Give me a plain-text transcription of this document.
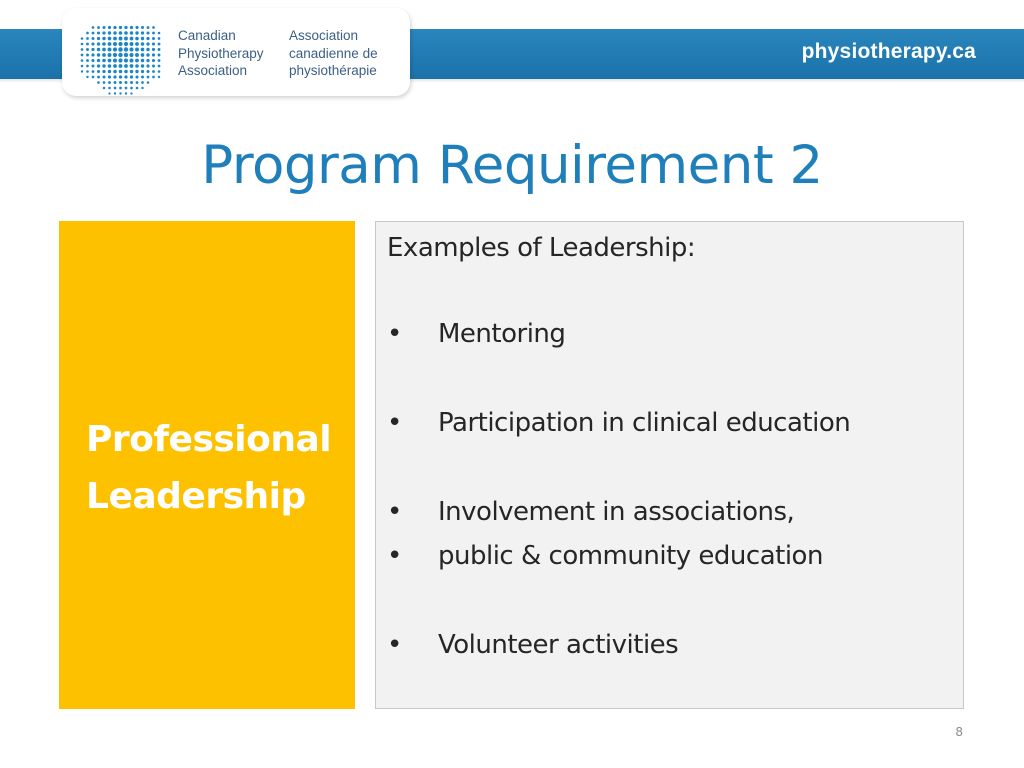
Canadian
Physiotherapy
Association
Association
canadienne de
physiothérapie
physiotherapy.ca
Program Requirement 2
Professional
Leadership
Examples of Leadership:
• Mentoring
• Participation in clinical education
• Involvement in associations,
• public & community education
• Volunteer activities
8
